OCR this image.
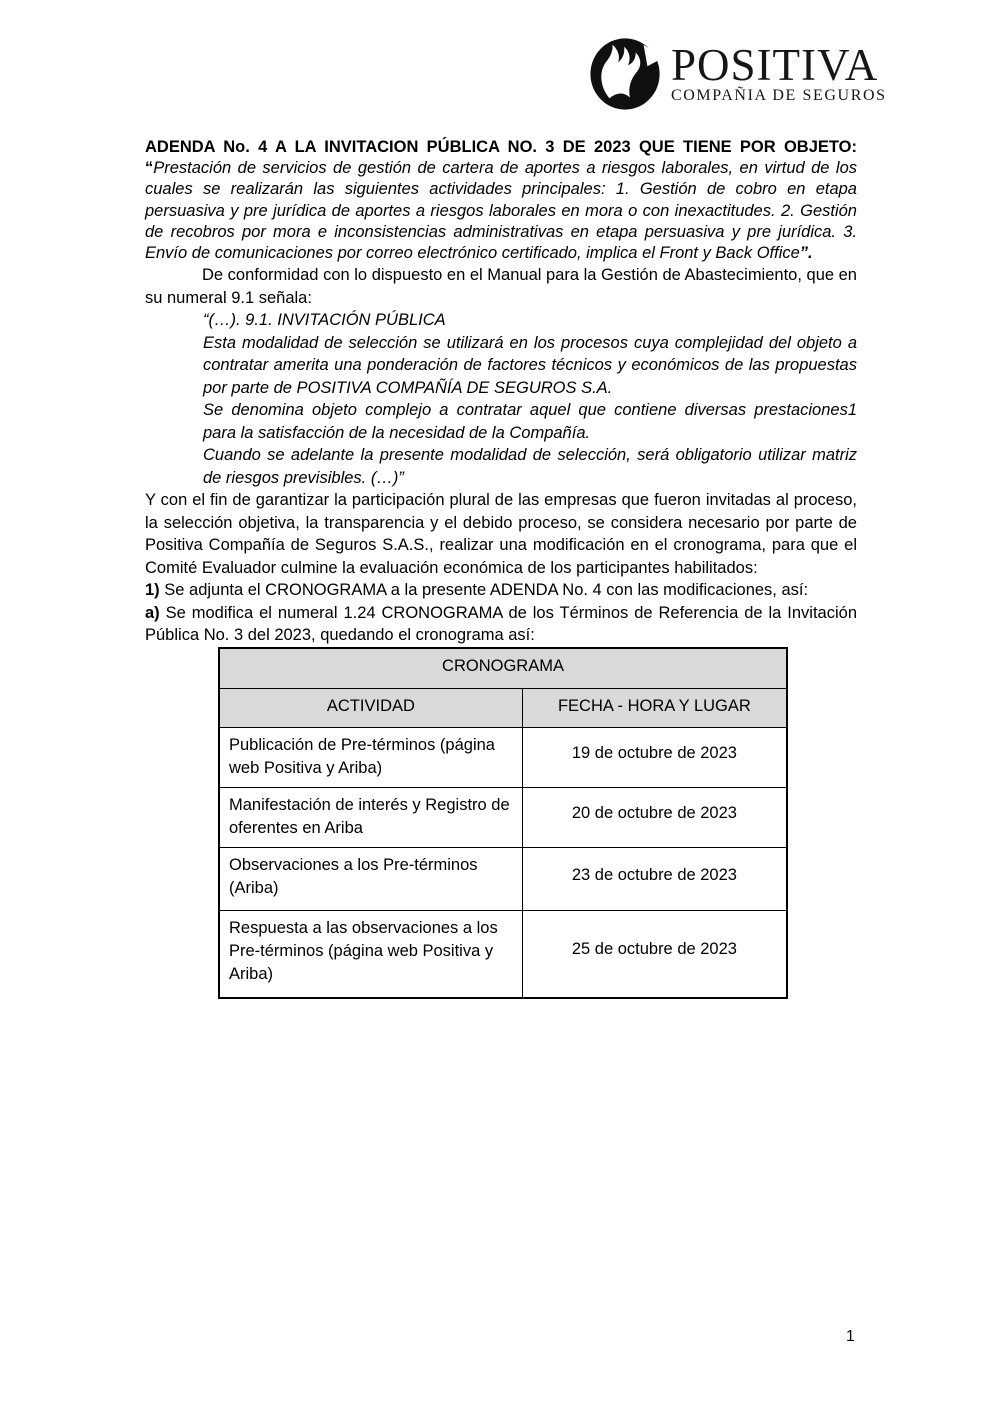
POSITIVA
COMPAÑIA DE SEGUROS

ADENDA No. 4 A LA INVITACION PÚBLICA NO. 3 DE 2023 QUE TIENE POR OBJETO: “Prestación de servicios de gestión de cartera de aportes a riesgos laborales, en virtud de los cuales se realizarán las siguientes actividades principales: 1. Gestión de cobro en etapa persuasiva y pre jurídica de aportes a riesgos laborales en mora o con inexactitudes. 2. Gestión de recobros por mora e inconsistencias administrativas en etapa persuasiva y pre jurídica. 3. Envío de comunicaciones por correo electrónico certificado, implica el Front y Back Office”.

De conformidad con lo dispuesto en el Manual para la Gestión de Abastecimiento, que en su numeral 9.1 señala:

“(…). 9.1. INVITACIÓN PÚBLICA

Esta modalidad de selección se utilizará en los procesos cuya complejidad del objeto a contratar amerita una ponderación de factores técnicos y económicos de las propuestas por parte de POSITIVA COMPAÑÍA DE SEGUROS S.A.

Se denomina objeto complejo a contratar aquel que contiene diversas prestaciones1 para la satisfacción de la necesidad de la Compañía.

Cuando se adelante la presente modalidad de selección, será obligatorio utilizar matriz de riesgos previsibles. (…)”

Y con el fin de garantizar la participación plural de las empresas que fueron invitadas al proceso, la selección objetiva, la transparencia y el debido proceso, se considera necesario por parte de Positiva Compañía de Seguros S.A.S., realizar una modificación en el cronograma, para que el Comité Evaluador culmine la evaluación económica de los participantes habilitados:

1) Se adjunta el CRONOGRAMA a la presente ADENDA No. 4 con las modificaciones, así:

a) Se modifica el numeral 1.24 CRONOGRAMA de los Términos de Referencia de la Invitación Pública No. 3 del 2023, quedando el cronograma así:

CRONOGRAMA	
ACTIVIDAD	FECHA - HORA Y LUGAR
Publicación de Pre-términos (página web Positiva y Ariba)	19 de octubre de 2023
Manifestación de interés y Registro de oferentes en Ariba	20 de octubre de 2023
Observaciones a los Pre-términos (Ariba)	23 de octubre de 2023
Respuesta a las observaciones a los Pre-términos (página web Positiva y Ariba)	25 de octubre de 2023
1
